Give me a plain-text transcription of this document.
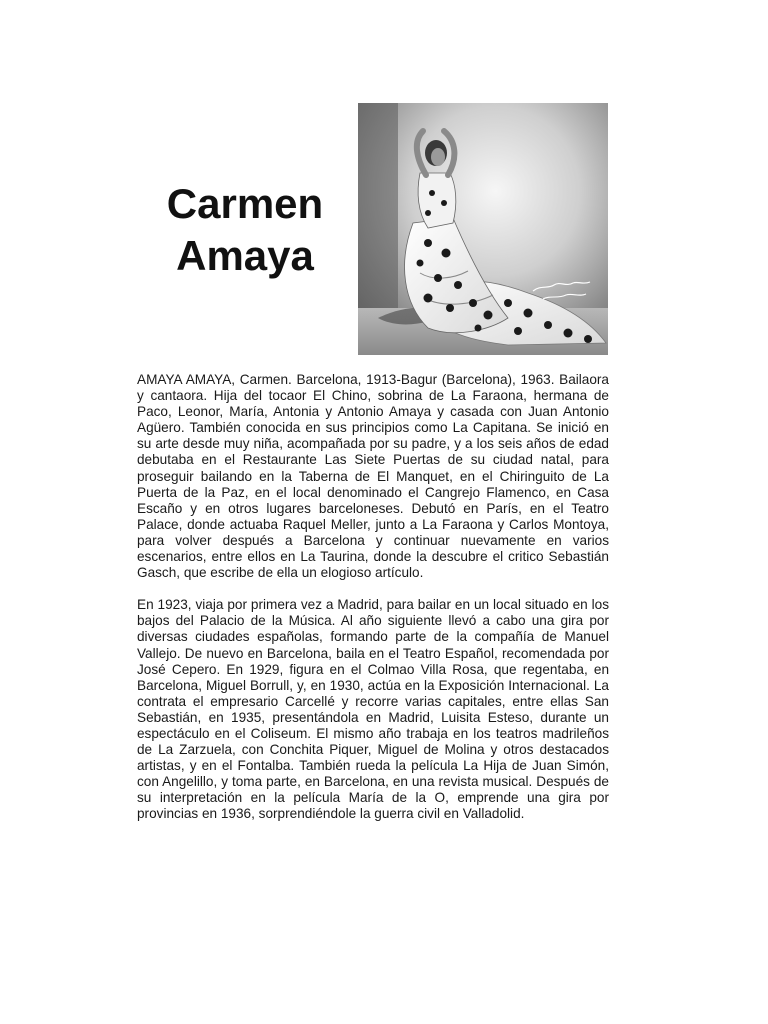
Carmen
Amaya

AMAYA AMAYA, Carmen. Barcelona, 1913-Bagur (Barcelona), 1963. Bailaora y cantaora. Hija del tocaor El Chino, sobrina de La Faraona, hermana de Paco, Leonor, María, Antonia y Antonio Amaya y casada con Juan Antonio Agüero. También conocida en sus principios como La Capitana. Se inició en su arte desde muy niña, acompañada por su padre, y a los seis años de edad debutaba en el Restaurante Las Siete Puertas de su ciudad natal, para proseguir bailando en la Taberna de El Manquet, en el Chiringuito de La Puerta de la Paz, en el local denominado el Cangrejo Flamenco, en Casa Escaño y en otros lugares barceloneses. Debutó en París, en el Teatro Palace, donde actuaba Raquel Meller, junto a La Faraona y Carlos Montoya, para volver después a Barcelona y continuar nuevamente en varios escenarios, entre ellos en La Taurina, donde la descubre el critico Sebastián Gasch, que escribe de ella un elogioso artículo.

En 1923, viaja por primera vez a Madrid, para bailar en un local situado en los bajos del Palacio de la Música. Al año siguiente llevó a cabo una gira por diversas ciudades españolas, formando parte de la compañía de Manuel Vallejo. De nuevo en Barcelona, baila en el Teatro Español, recomendada por José Cepero. En 1929, figura en el Colmao Villa Rosa, que regentaba, en Barcelona, Miguel Borrull, y, en 1930, actúa en la Exposición Internacional. La contrata el empresario Carcellé y recorre varias capitales, entre ellas San Sebastián, en 1935, presentándola en Madrid, Luisita Esteso, durante un espectáculo en el Coliseum. El mismo año trabaja en los teatros madrileños de La Zarzuela, con Conchita Piquer, Miguel de Molina y otros destacados artistas, y en el Fontalba. También rueda la película La Hija de Juan Simón, con Angelillo, y toma parte, en Barcelona, en una revista musical. Después de su interpretación en la película María de la O, emprende una gira por provincias en 1936, sorprendiéndole la guerra civil en Valladolid.
